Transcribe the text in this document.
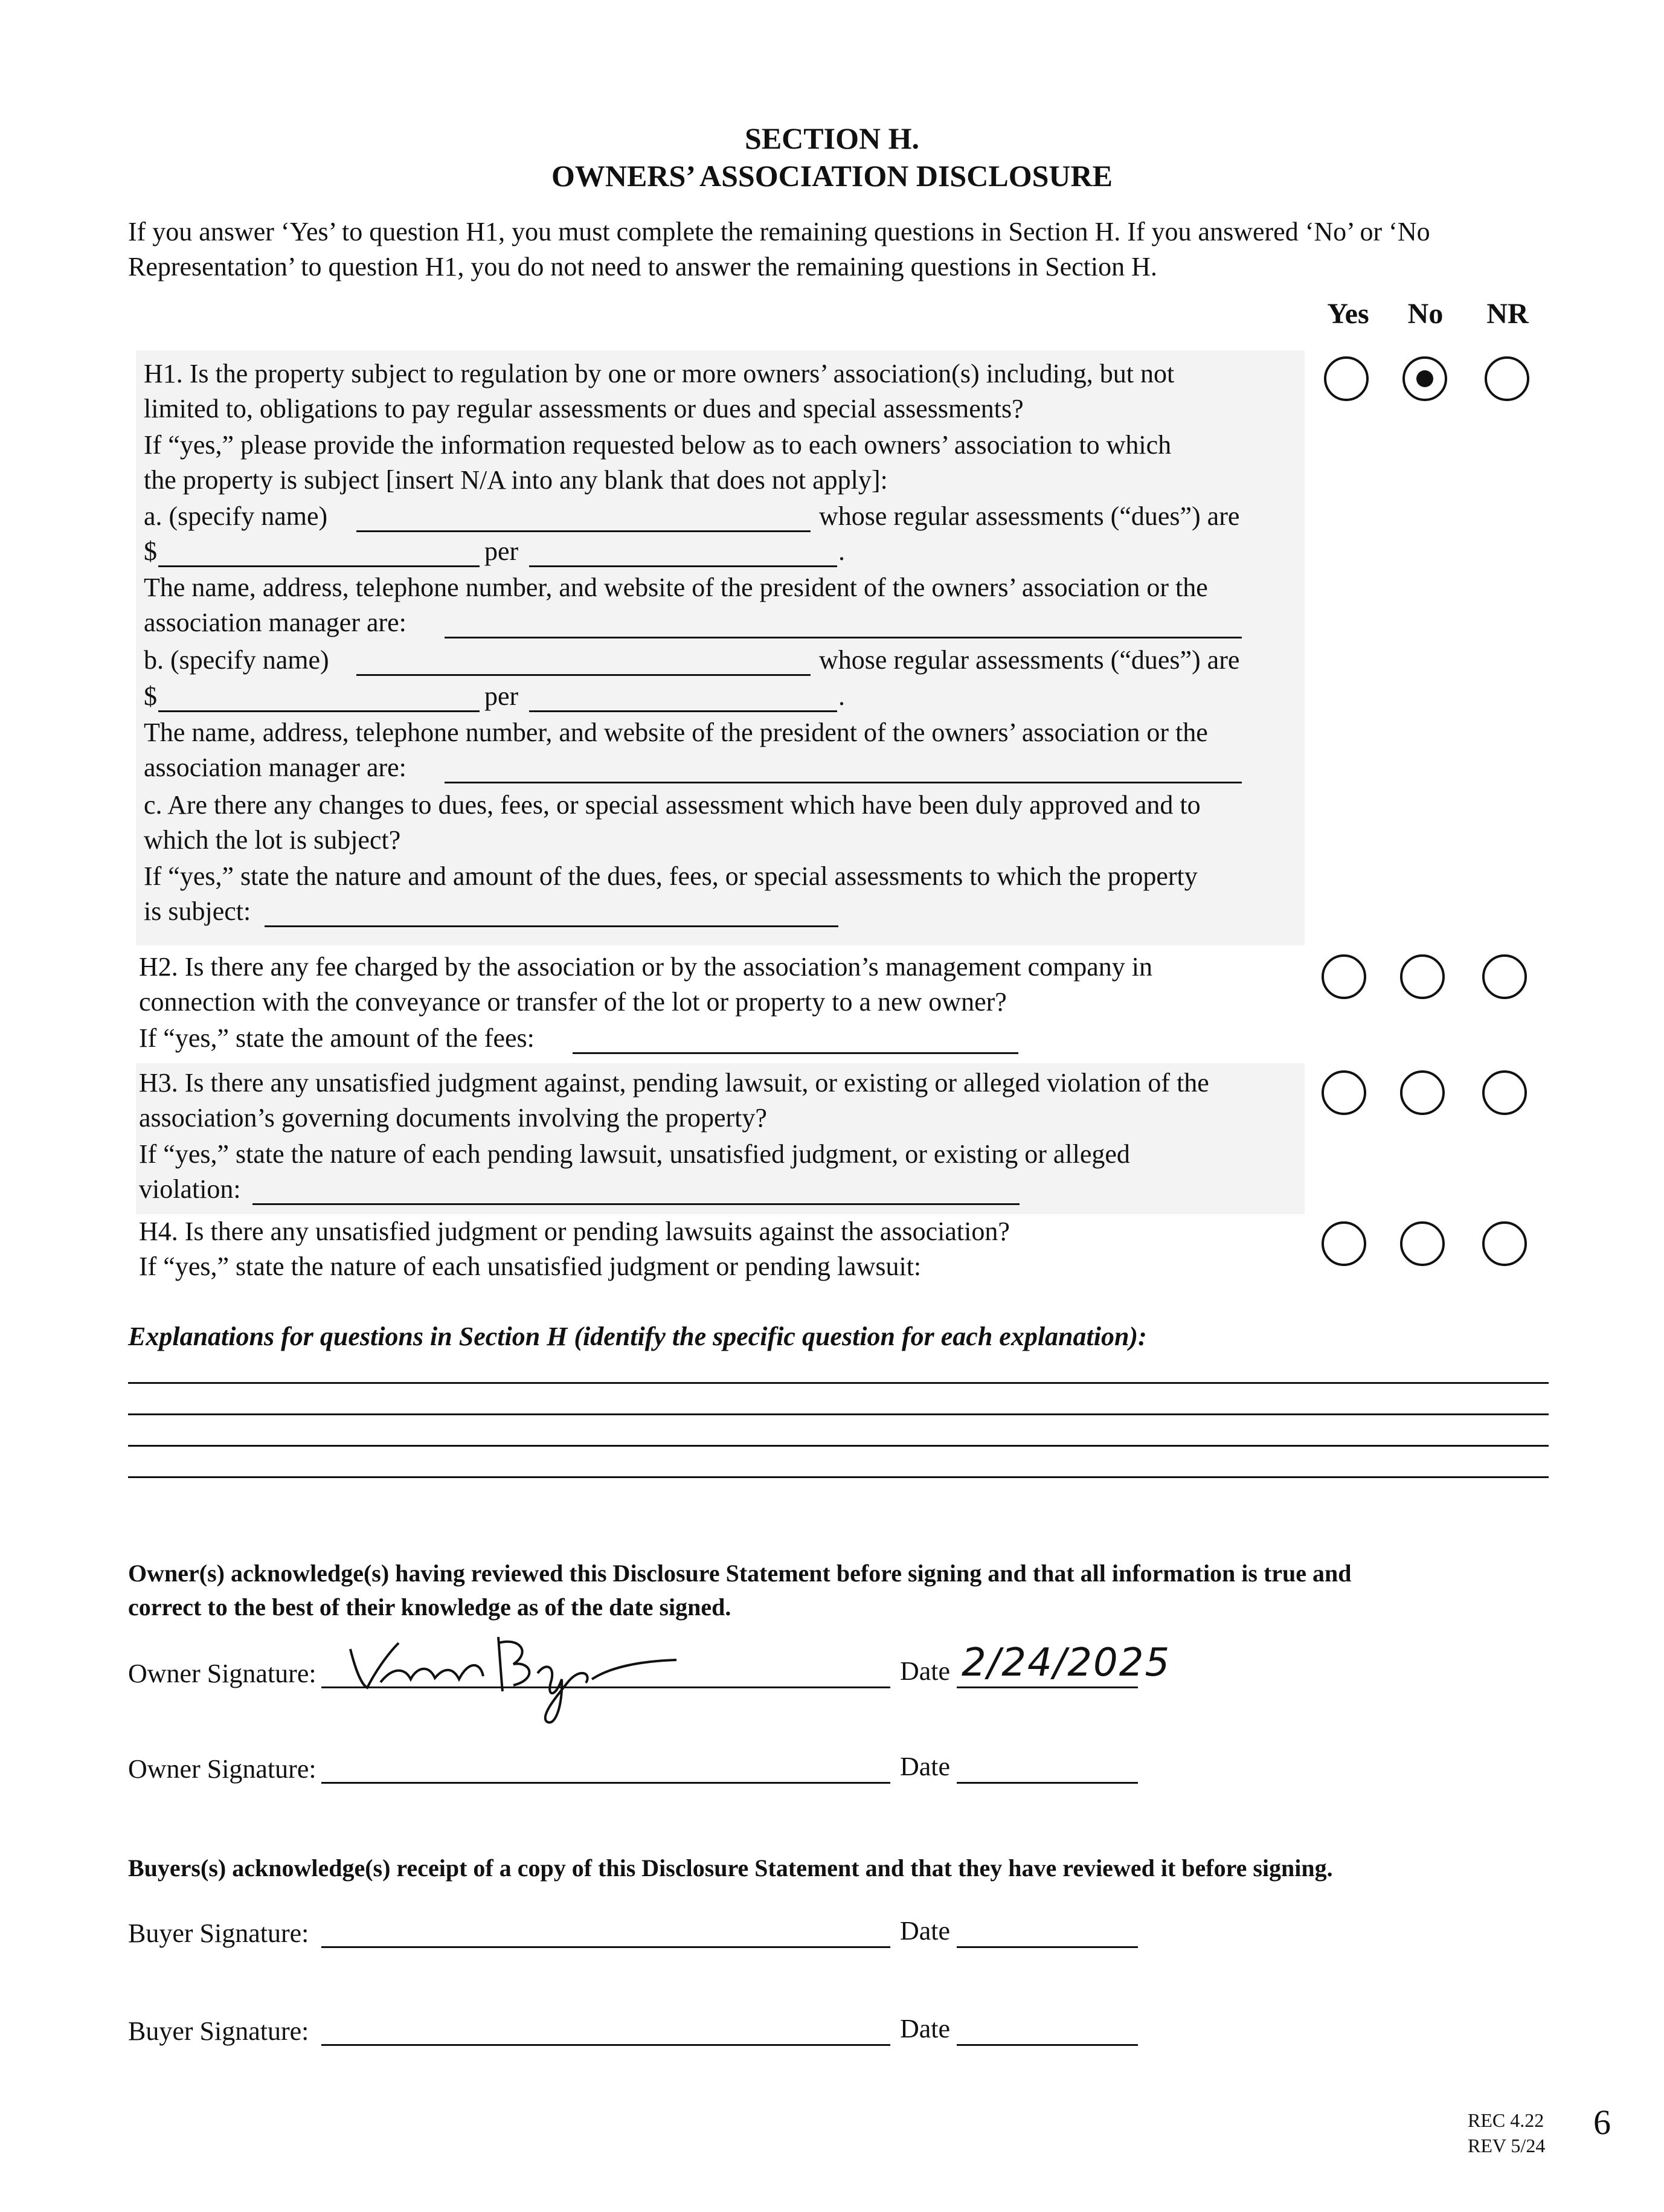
SECTION H.
OWNERS’ ASSOCIATION DISCLOSURE
If you answer ‘Yes’ to question H1, you must complete the remaining questions in Section H. If you answered ‘No’ or ‘No
Representation’ to question H1, you do not need to answer the remaining questions in Section H.
Yes	No	NR
H1. Is the property subject to regulation by one or more owners’ association(s) including, but not
limited to, obligations to pay regular assessments or dues and special assessments?
If “yes,” please provide the information requested below as to each owners’ association to which
the property is subject [insert N/A into any blank that does not apply]:
a. (specify name)	whose regular assessments (“dues”) are
$	per	.
The name, address, telephone number, and website of the president of the owners’ association or the
association manager are:
b. (specify name)	whose regular assessments (“dues”) are
$	per	.
The name, address, telephone number, and website of the president of the owners’ association or the
association manager are:
c. Are there any changes to dues, fees, or special assessment which have been duly approved and to
which the lot is subject?
If “yes,” state the nature and amount of the dues, fees, or special assessments to which the property
is subject:
H2. Is there any fee charged by the association or by the association’s management company in
connection with the conveyance or transfer of the lot or property to a new owner?
If “yes,” state the amount of the fees:
H3. Is there any unsatisfied judgment against, pending lawsuit, or existing or alleged violation of the
association’s governing documents involving the property?
If “yes,” state the nature of each pending lawsuit, unsatisfied judgment, or existing or alleged
violation:
H4. Is there any unsatisfied judgment or pending lawsuits against the association?
If “yes,” state the nature of each unsatisfied judgment or pending lawsuit:
Explanations for questions in Section H (identify the specific question for each explanation):
Owner(s) acknowledge(s) having reviewed this Disclosure Statement before signing and that all information is true and
correct to the best of their knowledge as of the date signed.
Owner Signature:	Date 2/24/2025
Owner Signature:	Date
Buyers(s) acknowledge(s) receipt of a copy of this Disclosure Statement and that they have reviewed it before signing.
Buyer Signature:	Date
Buyer Signature:	Date
REC 4.22
REV 5/24
6
